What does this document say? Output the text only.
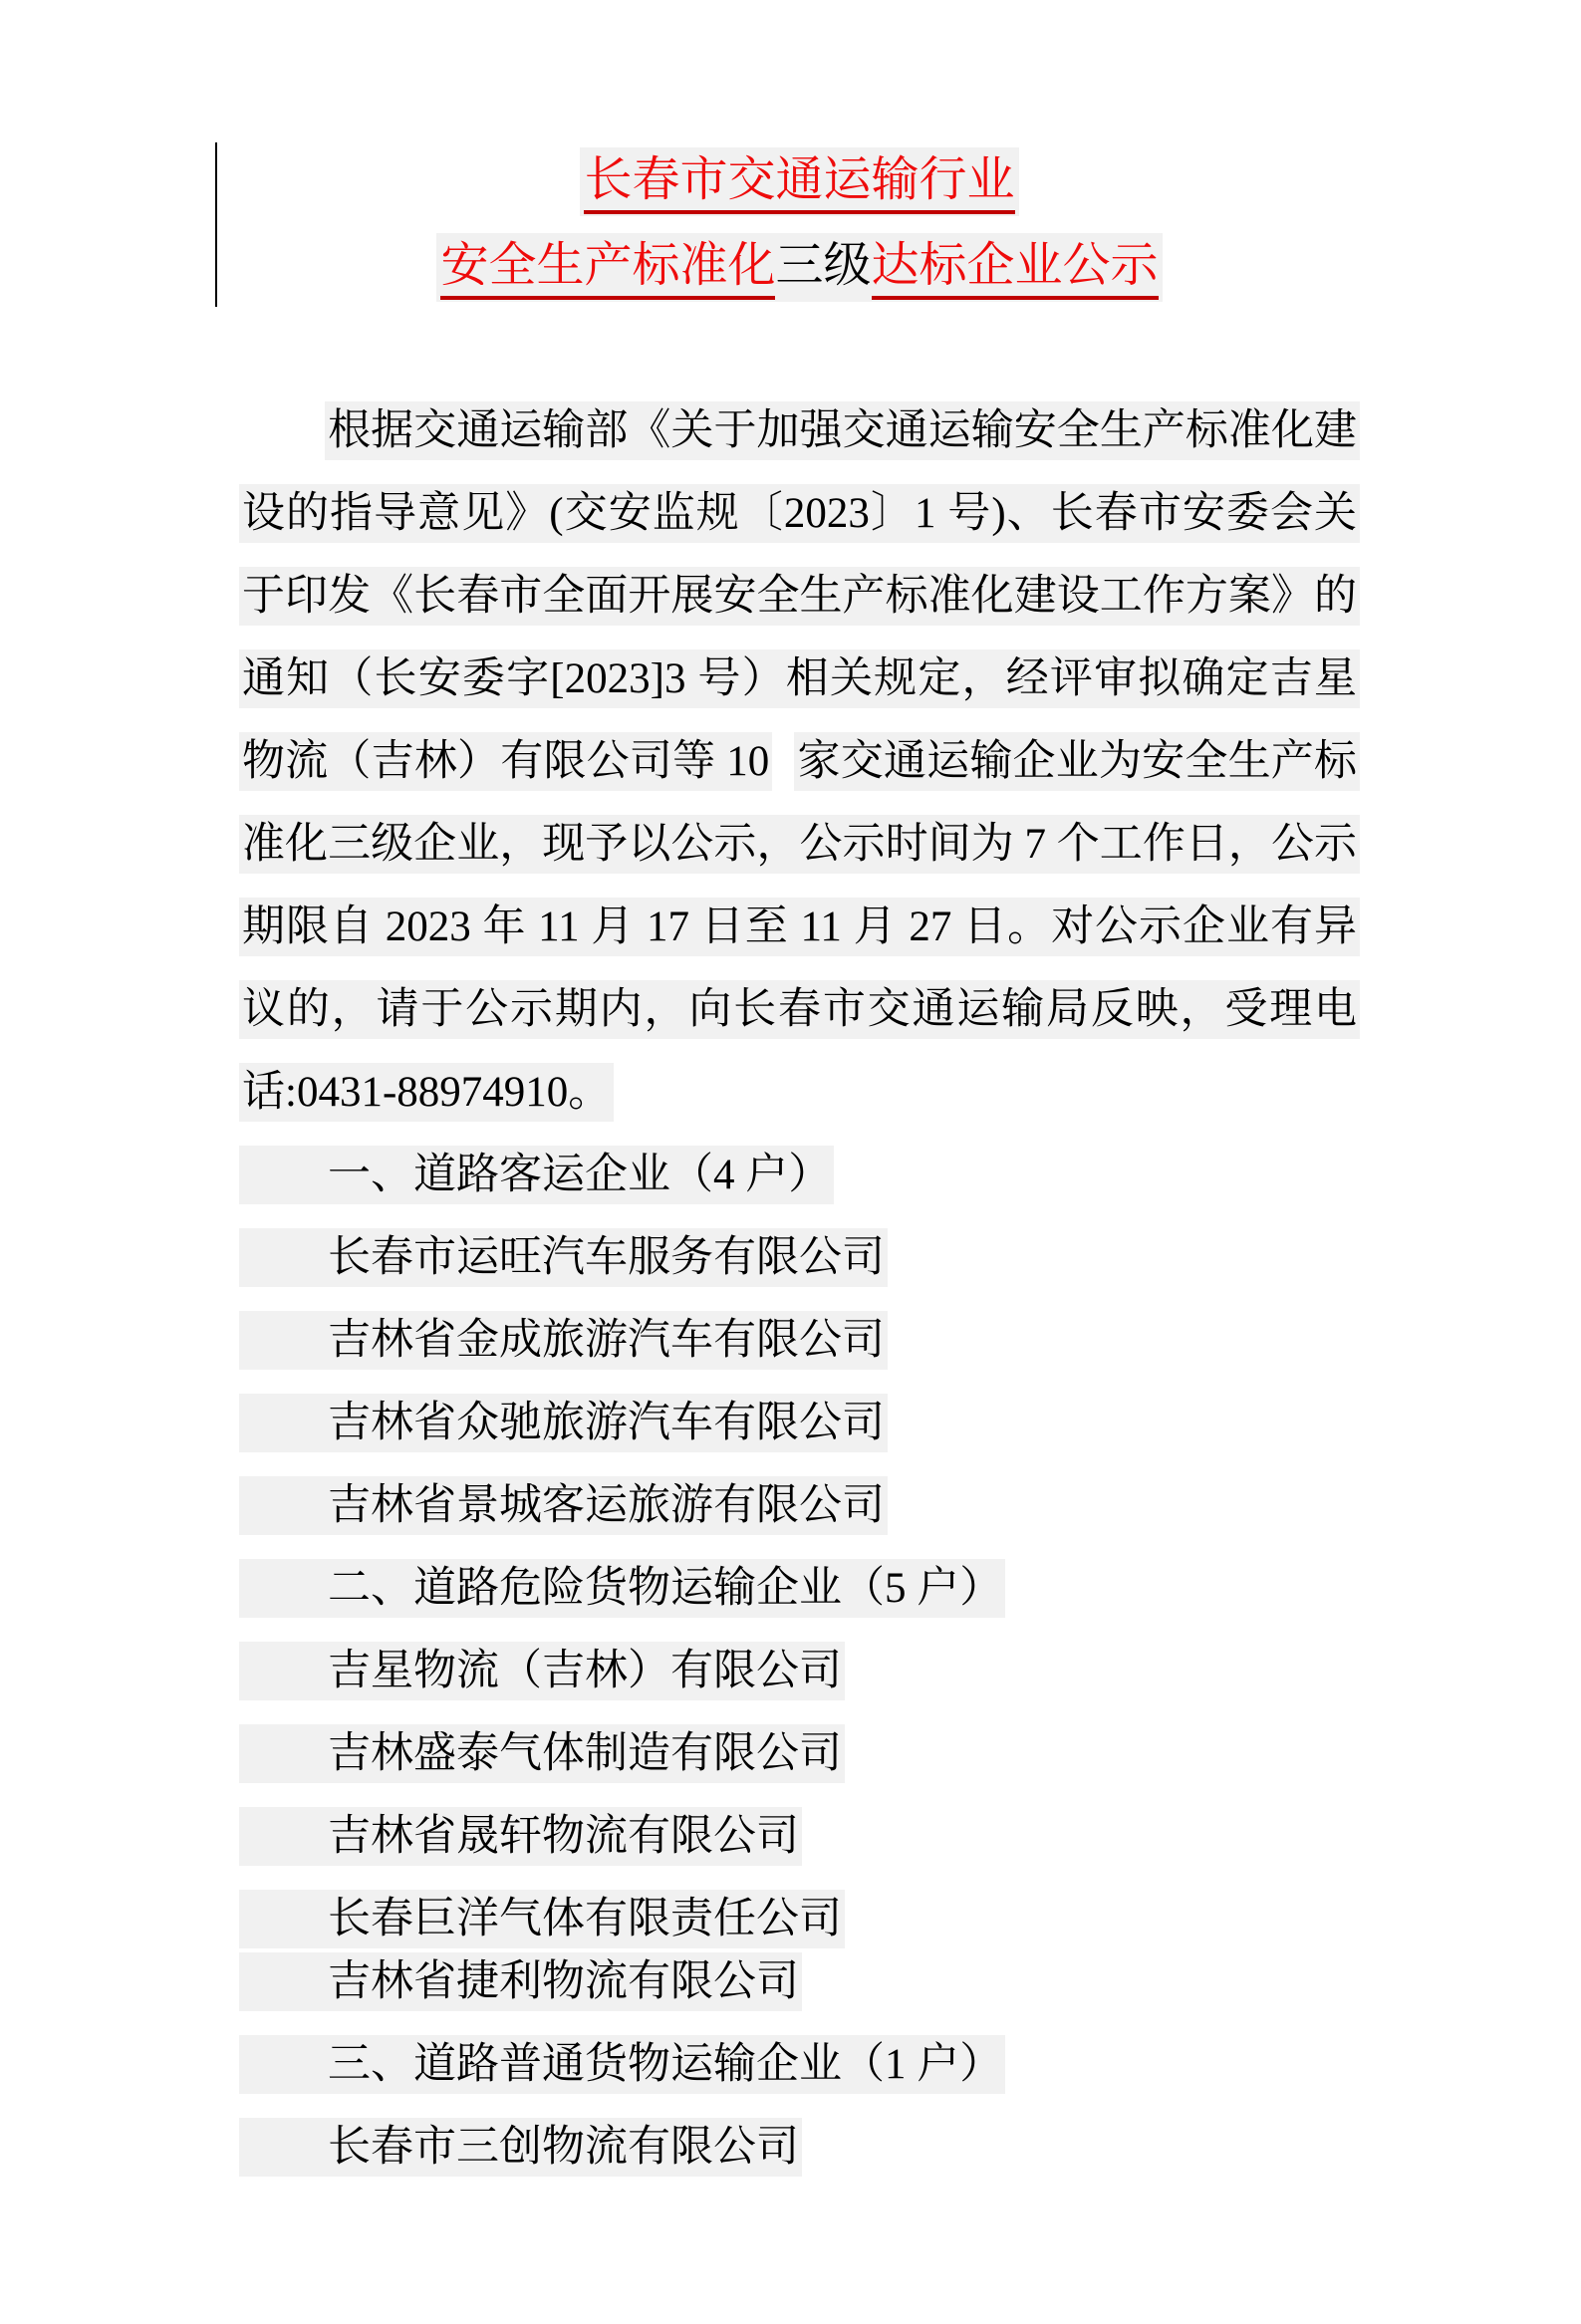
长春市交通运输行业
安全生产标准化三级达标企业公示
　　根据交通运输部《关于加强交通运输安全生产标准化建
设的指导意见》(交安监规〔2023〕1 号)、长春市安委会关
于印发《长春市全面开展安全生产标准化建设工作方案》的
通知（长安委字[2023]3 号）相关规定，经评审拟确定吉星
物流（吉林）有限公司等 10 家交通运输企业为安全生产标
准化三级企业，现予以公示，公示时间为 7 个工作日，公示
期限自 2023 年 11 月 17 日至 11 月 27 日。对公示企业有异
议的，请于公示期内，向长春市交通运输局反映，受理电
话:0431-88974910。
一、道路客运企业（4 户）
长春市运旺汽车服务有限公司
吉林省金成旅游汽车有限公司
吉林省众驰旅游汽车有限公司
吉林省景城客运旅游有限公司
二、道路危险货物运输企业（5 户）
吉星物流（吉林）有限公司
吉林盛泰气体制造有限公司
吉林省晟轩物流有限公司
长春巨洋气体有限责任公司
吉林省捷利物流有限公司
三、道路普通货物运输企业（1 户）
长春市三创物流有限公司
